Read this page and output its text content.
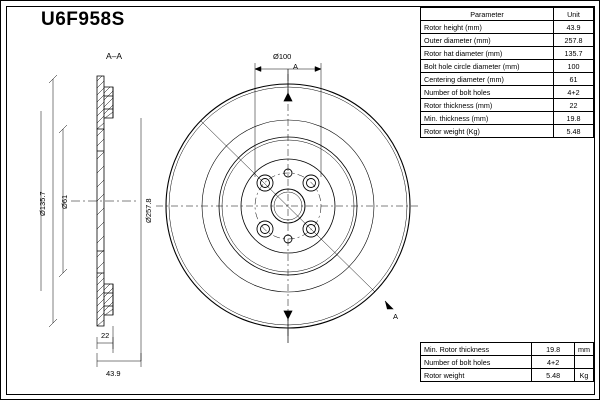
U6F958S
A–A
Ø135.7 Ø61
22
43.9
A
A
Ø100
Ø257.8
Parameter	Unit
Rotor height (mm)	43.9
Outer diameter (mm)	257.8
Rotor hat diameter (mm)	135.7
Bolt hole circle diameter (mm)	100
Centering diameter (mm)	61
Number of bolt holes	4+2
Rotor thickness (mm)	22
Min. thickness (mm)	19.8
Rotor weight (Kg)	5.48
Min. Rotor thickness	19.8	mm
Number of bolt holes	4+2	
Rotor weight	5.48	Kg
